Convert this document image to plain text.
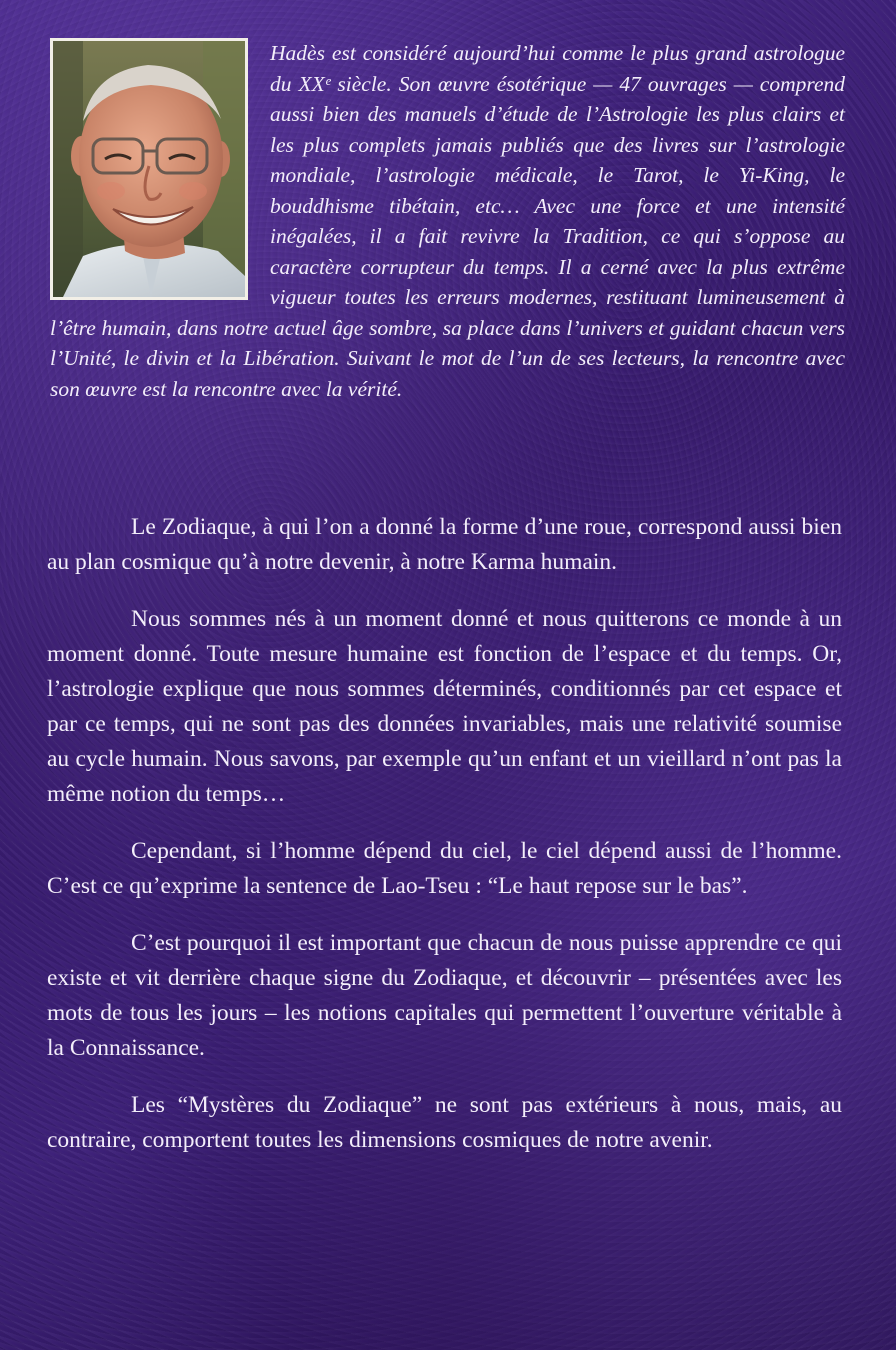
Hadès est considéré aujourd’hui comme le plus grand astrologue du XXᵉ siècle. Son œuvre ésotérique — 47 ouvrages — comprend aussi bien des manuels d’étude de l’Astrologie les plus clairs et les plus complets jamais publiés que des livres sur l’astrologie mondiale, l’astrologie médicale, le Tarot, le Yi-King, le bouddhisme tibétain, etc… Avec une force et une intensité inégalées, il a fait revivre la Tradition, ce qui s’oppose au caractère corrupteur du temps. Il a cerné avec la plus extrême vigueur toutes les erreurs modernes, restituant lumineusement à l’être humain, dans notre actuel âge sombre, sa place dans l’univers et guidant chacun vers l’Unité, le divin et la Libération. Suivant le mot de l’un de ses lecteurs, la rencontre avec son œuvre est la rencontre avec la vérité.

Le Zodiaque, à qui l’on a donné la forme d’une roue, correspond aussi bien au plan cosmique qu’à notre devenir, à notre Karma humain.

Nous sommes nés à un moment donné et nous quitterons ce monde à un moment donné. Toute mesure humaine est fonction de l’espace et du temps. Or, l’astrologie explique que nous sommes déterminés, conditionnés par cet espace et par ce temps, qui ne sont pas des données invariables, mais une relativité soumise au cycle humain. Nous savons, par exemple qu’un enfant et un vieillard n’ont pas la même notion du temps…

Cependant, si l’homme dépend du ciel, le ciel dépend aussi de l’homme. C’est ce qu’exprime la sentence de Lao-Tseu : “Le haut repose sur le bas”.

C’est pourquoi il est important que chacun de nous puisse apprendre ce qui existe et vit derrière chaque signe du Zodiaque, et découvrir – présentées avec les mots de tous les jours – les notions capitales qui permettent l’ouverture véritable à la Connaissance.

Les “Mystères du Zodiaque” ne sont pas extérieurs à nous, mais, au contraire, comportent toutes les dimensions cosmiques de notre avenir.
